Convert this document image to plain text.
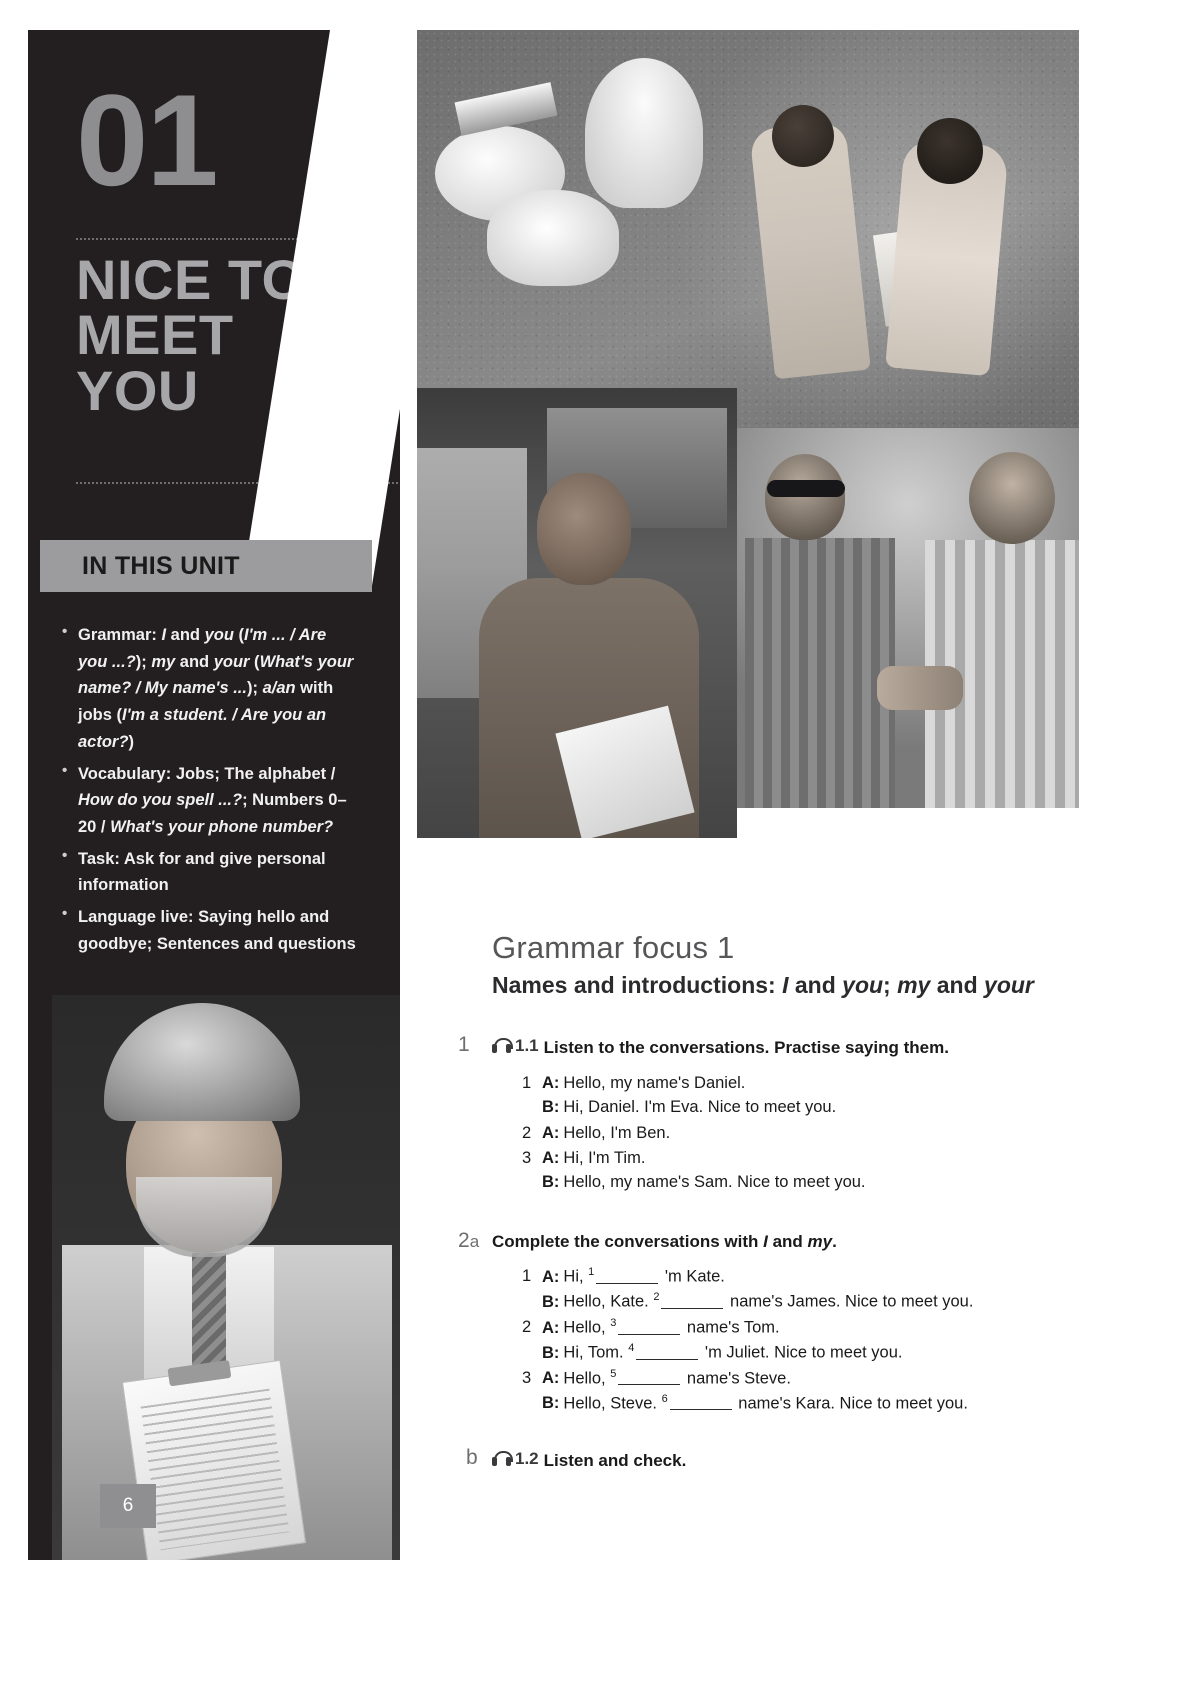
01
NICE TO
MEET
YOU
IN THIS UNIT
• Grammar: I and you (I'm ... / Are you ...?); my and your (What's your name? / My name's ...); a/an with jobs (I'm a student. / Are you an actor?)
• Vocabulary: Jobs; The alphabet / How do you spell ...?; Numbers 0–20 / What's your phone number?
• Task: Ask for and give personal information
• Language live: Saying hello and goodbye; Sentences and questions
6
Grammar focus 1
Names and introductions: I and you; my and your
1	1.1 Listen to the conversations. Practise saying them.
1 A: Hello, my name's Daniel.
B: Hi, Daniel. I'm Eva. Nice to meet you.
2 A: Hello, I'm Ben.
3 A: Hi, I'm Tim.
B: Hello, my name's Sam. Nice to meet you.
2a Complete the conversations with I and my.
1 A: Hi, $^1$	'm Kate.
B: Hello, Kate. $^2$	name's James. Nice to meet you.
2 A: Hello, $^3$	name's Tom.
B: Hi, Tom. $^4$	'm Juliet. Nice to meet you.
3 A: Hello, $^5$	name's Steve.
B: Hello, Steve. $^6$	name's Kara. Nice to meet you.
b 1.2 Listen and check.
